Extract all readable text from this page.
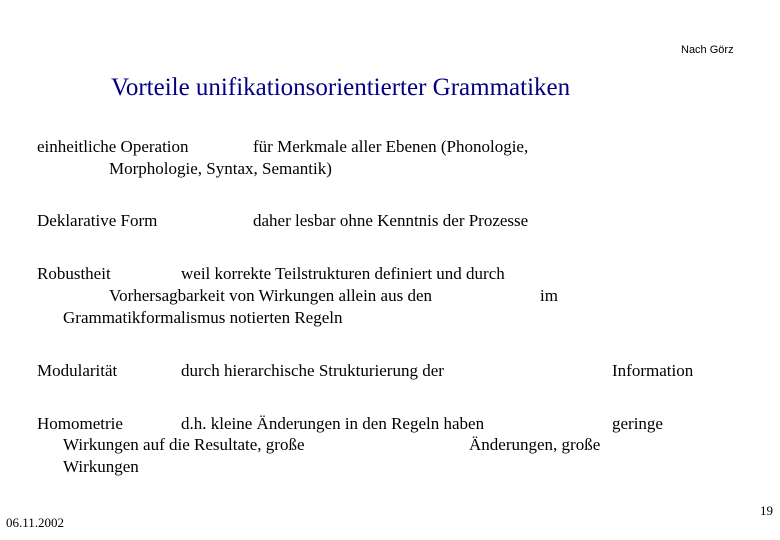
Nach Görz
Vorteile unifikationsorientierter Grammatiken
einheitliche Operation	für Merkmale aller Ebenen (Phonologie,
Morphologie, Syntax, Semantik)
Deklarative Form	daher lesbar ohne Kenntnis der Prozesse
Robustheit	weil korrekte Teilstrukturen definiert und durch
Vorhersagbarkeit von Wirkungen allein aus den	im
Grammatikformalismus notierten Regeln
Modularität	durch hierarchische Strukturierung der	Information
Homometrie	d.h. kleine Änderungen in den Regeln haben	geringe
Wirkungen auf die Resultate, große	Änderungen, große
Wirkungen
06.11.2002
19
